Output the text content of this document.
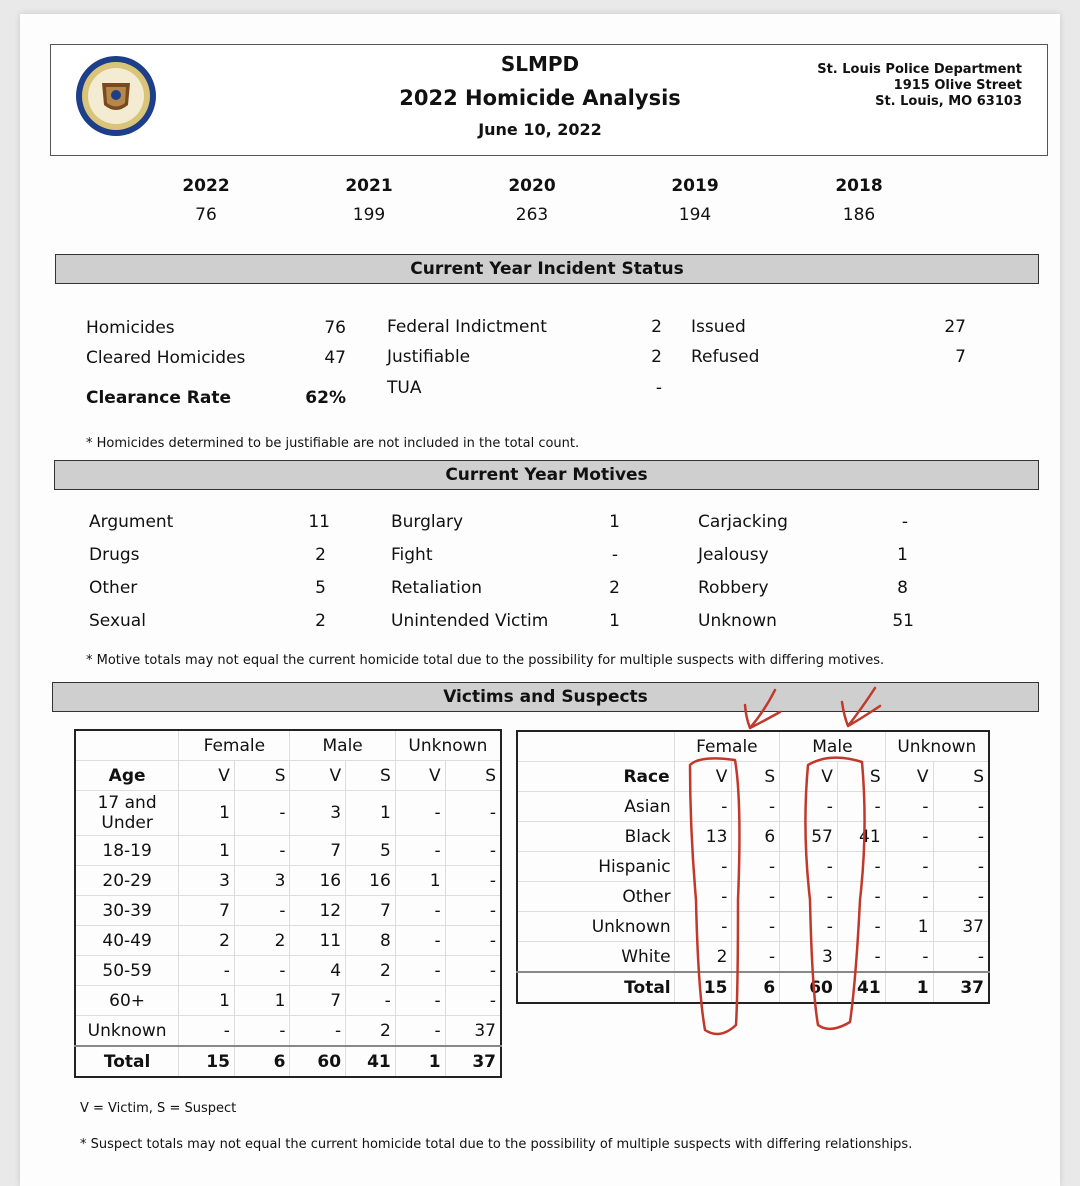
SLMPD
2022 Homicide Analysis
June 10, 2022
St. Louis Police Department
1915 Olive Street
St. Louis, MO 63103
2022
76
2021
199
2020
263
2019
194
2018
186
Current Year Incident Status
Homicides	76
Cleared Homicides	47
Clearance Rate	62%
Federal Indictment	2
Justifiable	2
TUA	-
Issued	27
Refused	7
* Homicides determined to be justifiable are not included in the total count.
Current Year Motives
Argument	11
Drugs	2
Other	5
Sexual	2
Burglary	1
Fight	-
Retaliation	2
Unintended Victim	1
Carjacking	-
Jealousy	1
Robbery	8
Unknown	51
* Motive totals may not equal the current homicide total due to the possibility for multiple suspects with differing motives.
Victims and Suspects
	Female		Male		Unknown	
Age	V	S	V	S	V	S
17 and Under	1	-	3	1	-	-
18-19	1	-	7	5	-	-
20-29	3	3	16	16	1	-
30-39	7	-	12	7	-	-
40-49	2	2	11	8	-	-
50-59	-	-	4	2	-	-
60+	1	1	7	-	-	-
Unknown	-	-	-	2	-	37
Total	15	6	60	41	1	37
	Female		Male		Unknown	
Race	V	S	V	S	V	S
Asian	-	-	-	-	-	-
Black	13	6	57	41	-	-
Hispanic	-	-	-	-	-	-
Other	-	-	-	-	-	-
Unknown	-	-	-	-	1	37
White	2	-	3	-	-	-
Total	15	6	60	41	1	37
V = Victim, S = Suspect
* Suspect totals may not equal the current homicide total due to the possibility of multiple suspects with differing relationships.
